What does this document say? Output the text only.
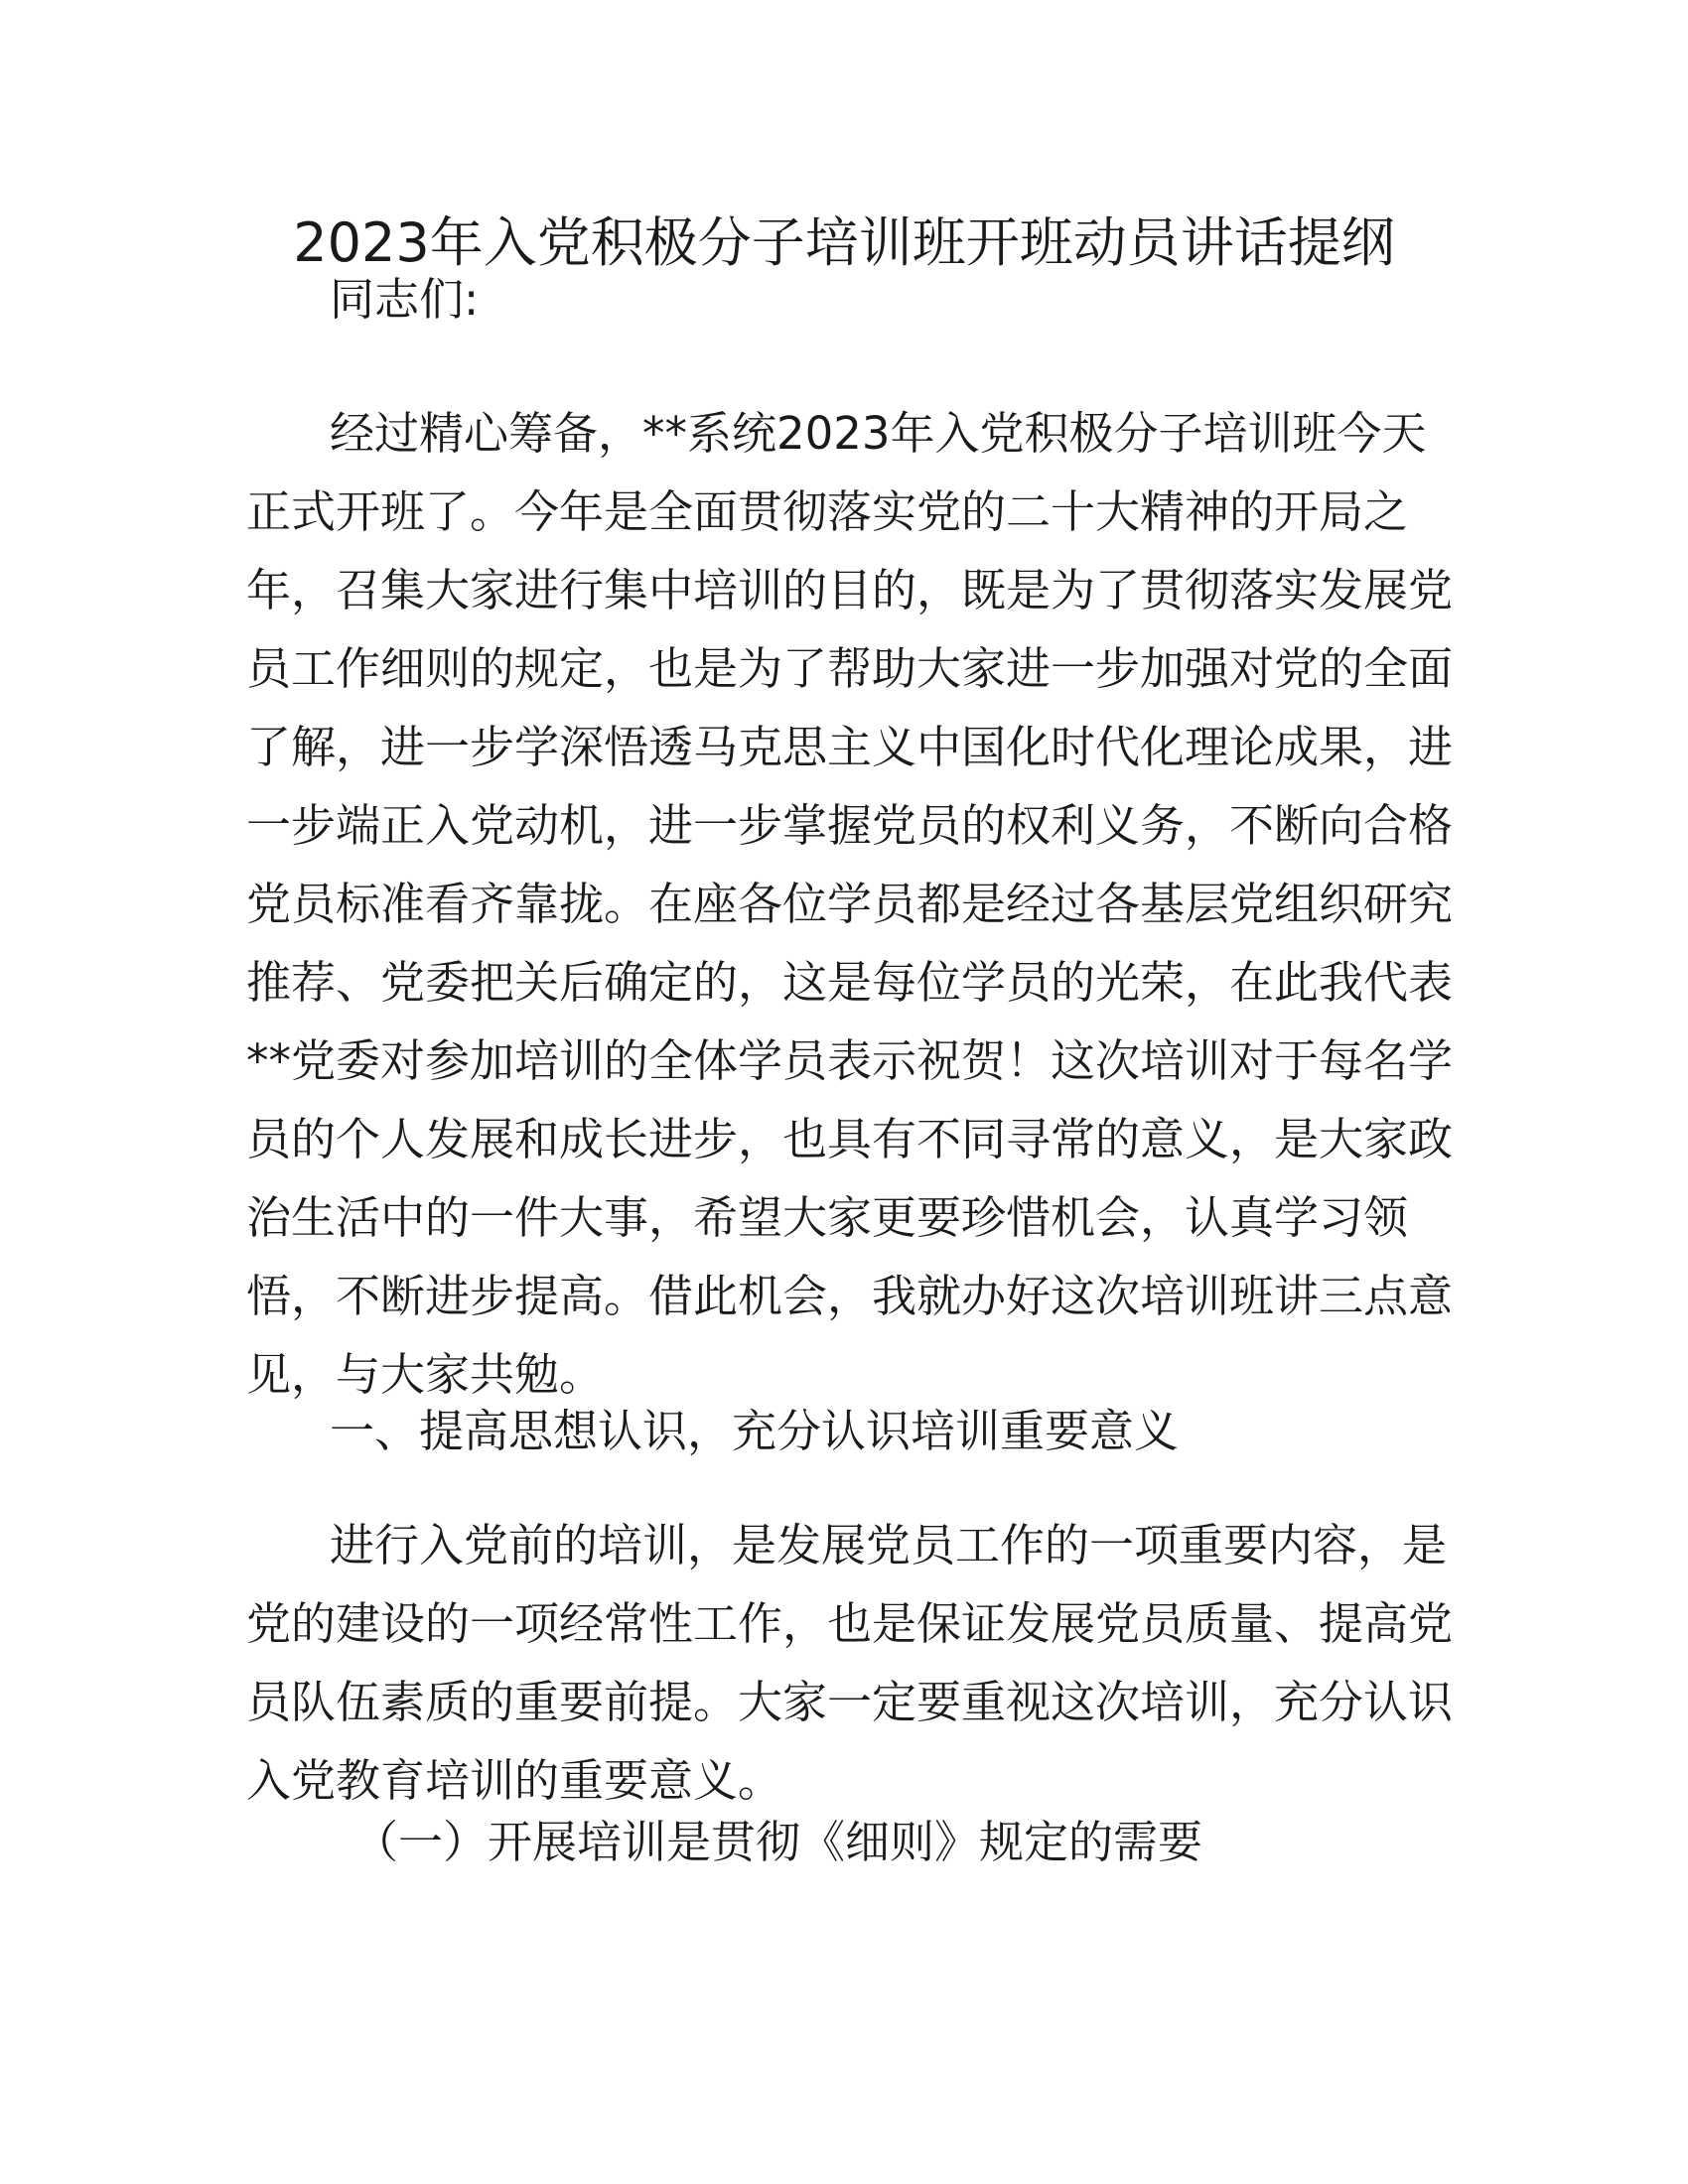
2023年入党积极分子培训班开班动员讲话提纲
同志们:
经过精心筹备，**系统2023年入党积极分子培训班今天
正式开班了。今年是全面贯彻落实党的二十大精神的开局之
年，召集大家进行集中培训的目的，既是为了贯彻落实发展党
员工作细则的规定，也是为了帮助大家进一步加强对党的全面
了解，进一步学深悟透马克思主义中国化时代化理论成果，进
一步端正入党动机，进一步掌握党员的权利义务，不断向合格
党员标准看齐靠拢。在座各位学员都是经过各基层党组织研究
推荐、党委把关后确定的，这是每位学员的光荣，在此我代表
**党委对参加培训的全体学员表示祝贺！这次培训对于每名学
员的个人发展和成长进步，也具有不同寻常的意义，是大家政
治生活中的一件大事，希望大家更要珍惜机会，认真学习领
悟，不断进步提高。借此机会，我就办好这次培训班讲三点意
见，与大家共勉。
一、提高思想认识，充分认识培训重要意义
进行入党前的培训，是发展党员工作的一项重要内容，是
党的建设的一项经常性工作，也是保证发展党员质量、提高党
员队伍素质的重要前提。大家一定要重视这次培训，充分认识
入党教育培训的重要意义。
（一）开展培训是贯彻《细则》规定的需要
